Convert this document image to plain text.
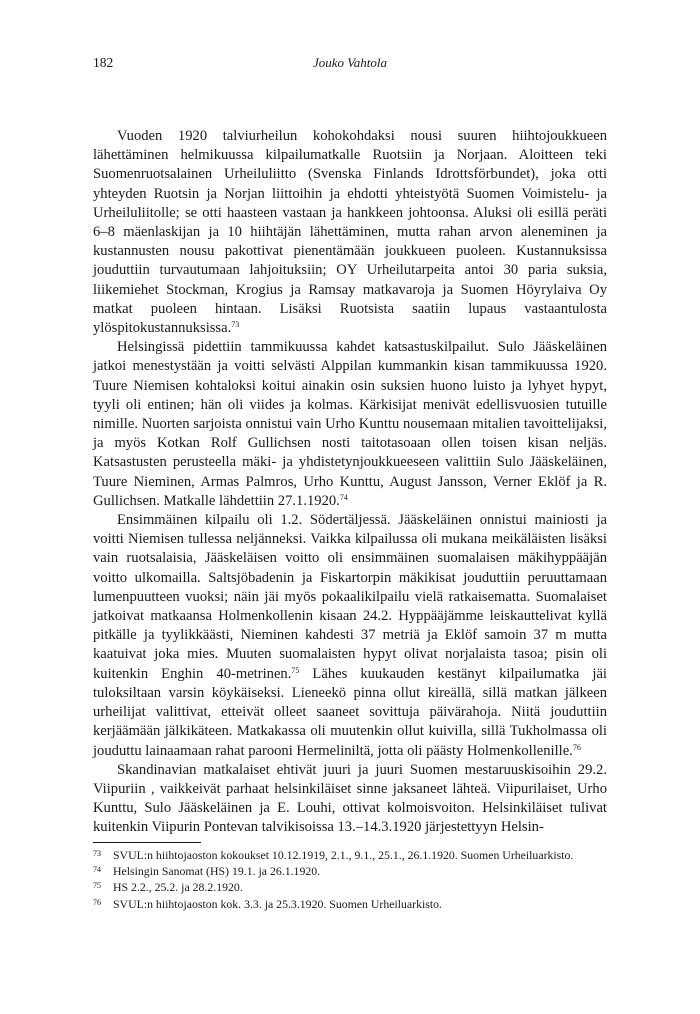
182	Jouko Vahtola

Vuoden 1920 talviurheilun kohokohdaksi nousi suuren hiihtojoukkueen lähettäminen helmikuussa kilpailumatkalle Ruotsiin ja Norjaan. Aloitteen teki Suomenruotsalainen Urheiluliitto (Svenska Finlands Idrottsförbundet), joka otti yhteyden Ruotsin ja Norjan liittoihin ja ehdotti yhteistyötä Suomen Voimistelu- ja Urheiluliitolle; se otti haasteen vastaan ja hankkeen johtoonsa. Aluksi oli esillä peräti 6–8 mäenlaskijan ja 10 hiihtäjän lähettäminen, mutta rahan arvon aleneminen ja kustannusten nousu pakottivat pienentämään joukkueen puoleen. Kustannuksissa jouduttiin turvautumaan lahjoituksiin; OY Urheilutarpeita antoi 30 paria suksia, liikemiehet Stockman, Krogius ja Ramsay matkavaroja ja Suomen Höyrylaiva Oy matkat puoleen hintaan. Lisäksi Ruotsista saatiin lupaus vastaantulosta ylöspitokustannuksissa.$^{73}$

Helsingissä pidettiin tammikuussa kahdet katsastuskilpailut. Sulo Jääskeläinen jatkoi menestystään ja voitti selvästi Alppilan kummankin kisan tammikuussa 1920. Tuure Niemisen kohtaloksi koitui ainakin osin suksien huono luisto ja lyhyet hypyt, tyyli oli entinen; hän oli viides ja kolmas. Kärkisijat menivät edellisvuosien tutuille nimille. Nuorten sarjoista onnistui vain Urho Kunttu nousemaan mitalien tavoittelijaksi, ja myös Kotkan Rolf Gullichsen nosti taitotasoaan ollen toisen kisan neljäs. Katsastusten perusteella mäki- ja yhdistetynjoukkueeseen valittiin Sulo Jääskeläinen, Tuure Nieminen, Armas Palmros, Urho Kunttu, August Jansson, Verner Eklöf ja R. Gullichsen. Matkalle lähdettiin 27.1.1920.74

Ensimmäinen kilpailu oli 1.2. Södertäljessä. Jääskeläinen onnistui mainiosti ja voitti Niemisen tullessa neljänneksi. Vaikka kilpailussa oli mukana meikäläisten lisäksi vain ruotsalaisia, Jääskeläisen voitto oli ensimmäinen suomalaisen mäkihyppääjän voitto ulkomailla. Saltsjöbadenin ja Fiskartorpin mäkikisat jouduttiin peruuttamaan lumenpuutteen vuoksi; näin jäi myös pokaalikilpailu vielä ratkaisematta. Suomalaiset jatkoivat matkaansa Holmenkollenin kisaan 24.2. Hyppääjämme leiskauttelivat kyllä pitkälle ja tyylikkäästi, Nieminen kahdesti 37 metriä ja Eklöf samoin 37 m mutta kaatuivat joka mies. Muuten suomalaisten hypyt olivat norjalaista tasoa; pisin oli kuitenkin Enghin 40-metrinen.$^{75}$ Lähes kuukauden kestänyt kilpailumatka jäi tuloksiltaan varsin köykäiseksi. Lieneekö pinna ollut kireällä, sillä matkan jälkeen urheilijat valittivat, etteivät olleet saaneet sovittuja päivärahoja. Niitä jouduttiin kerjäämään jälkikäteen. Matkakassa oli muutenkin ollut kuivilla, sillä Tukholmassa oli jouduttu lainaamaan rahat parooni Hermeliniltä, jotta oli päästy Holmenkollenille.$^{76}$

Skandinavian matkalaiset ehtivät juuri ja juuri Suomen mestaruuskisoihin 29.2. Viipuriin , vaikkeivät parhaat helsinkiläiset sinne jaksaneet lähteä. Viipurilaiset, Urho Kunttu, Sulo Jääskeläinen ja E. Louhi, ottivat kolmoisvoiton. Helsinkiläiset tulivat kuitenkin Viipurin Pontevan talvikisoissa 13.–14.3.1920 järjestettyyn Helsin-

73	SVUL:n hiihtojaoston kokoukset 10.12.1919, 2.1., 9.1., 25.1., 26.1.1920. Suomen Urheiluarkisto.
74	Helsingin Sanomat (HS) 19.1. ja 26.1.1920.
75	HS 2.2., 25.2. ja 28.2.1920.
76	SVUL:n hiihtojaoston kok. 3.3. ja 25.3.1920. Suomen Urheiluarkisto.
